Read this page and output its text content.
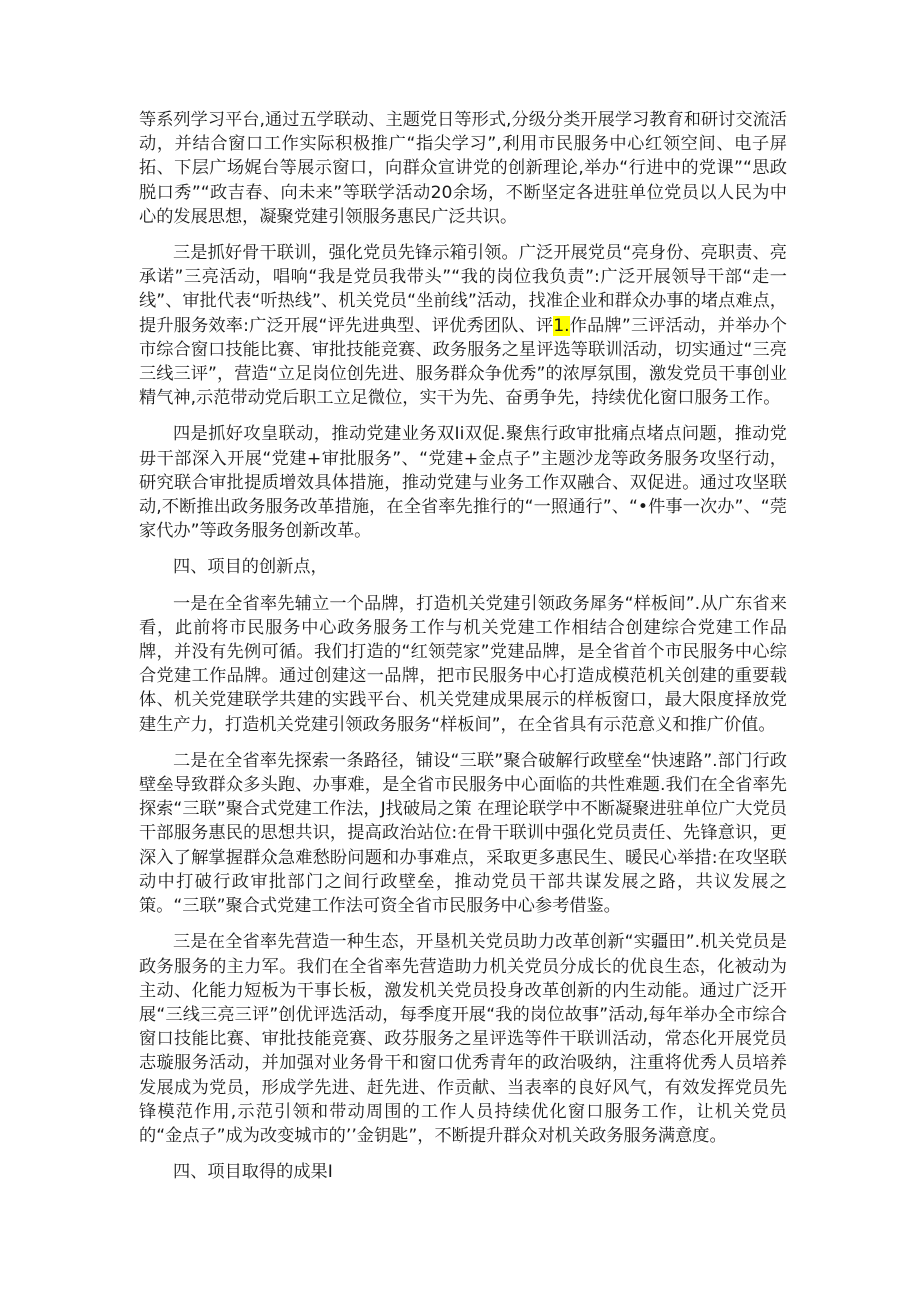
等系列学习平台,通过五学联动、主题党日等形式,分级分类开展学习教育和研讨交流活动，并结合窗口工作实际积极推广“指尖学习”,利用市民服务中心红领空间、电子屏拓、下层广场娓台等展示窗口，向群众宣讲党的创新理论,举办“行进中的党课”“思政脱口秀”“政吉春、向未来”等联学活动20余场，不断坚定各进驻单位党员以人民为中心的发展思想，凝聚党建引领服务惠民广泛共识。

三是抓好骨干联训，强化党员先锋示箱引领。广泛开展党员“亮身份、亮职责、亮承诺”三亮活动，唱响“我是党员我带头”“我的岗位我负责”:广泛开展领导干部“走一线”、审批代表“听热线”、机关党员“坐前线”活动，找准企业和群众办事的堵点难点，提升服务效率:广泛开展“评先进典型、评优秀团队、评1.作品牌”三评活动，并举办个市综合窗口技能比赛、审批技能竞赛、政务服务之星评选等联训活动，切实通过“三亮三线三评”，营造“立足岗位创先进、服务群众争优秀”的浓厚氛围，激发党员干事创业精气神,示范带动党后职工立足微位，实干为先、奋勇争先，持续优化窗口服务工作。

四是抓好攻皇联动，推动党建业务双Ii双促.聚焦行政审批痛点堵点问题，推动党毋干部深入开展“党建+审批服务”、“党建+金点子”主题沙龙等政务服务攻坚行动，研究联合审批提质增效具体措施，推动党建与业务工作双融合、双促进。通过攻坚联动,不断推出政务服务改革措施，在全省率先推行的“一照通行”、“•件事一次办”、“莞家代办”等政务服务创新改革。

四、项目的创新点，

一是在全省率先辅立一个品牌，打造机关党建引领政务犀务“样板间”.从广东省来看，此前将市民服务中心政务服务工作与机关党建工作相结合创建综合党建工作品牌，并没有先例可循。我们打造的“红领莞家”党建品牌，是全省首个市民服务中心综合党建工作品牌。通过创建这一品牌，把市民服务中心打造成模范机关创建的重要载体、机关党建联学共建的实践平台、机关党建成果展示的样板窗口，最大限度择放党建生产力，打造机关党建引领政务服务“样板间”，在全省具有示范意义和推广价值。

二是在全省率先探索一条路径，铺设“三联”聚合破解行政壁垒“快速路”.部门行政壁垒导致群众多头跑、办事难，是全省市民服务中心面临的共性难题.我们在全省率先探索“三联”聚合式党建工作法，J找破局之策 在理论联学中不断凝聚进驻单位广大党员干部服务惠民的思想共识，提高政治站位:在骨干联训中强化党员责任、先锋意识，更深入了解掌握群众急难愁盼问题和办事难点，采取更多惠民生、暖民心举措:在攻坚联动中打破行政审批部门之间行政壁垒，推动党员干部共谋发展之路，共议发展之策。“三联”聚合式党建工作法可资全省市民服务中心参考借鉴。

三是在全省率先营造一种生态，开垦机关党员助力改革创新“实疆田”.机关党员是政务服务的主力军。我们在全省率先营造助力机关党员分成长的优良生态，化被动为主动、化能力短板为干事长板，激发机关党员投身改革创新的内生动能。通过广泛开展“三线三亮三评”创优评选活动，每季度开展“我的岗位故事”活动,每年举办全市综合窗口技能比赛、审批技能竞赛、政芬服务之星评选等件干联训活动，常态化开展党员志璇服务活动，并加强对业务骨干和窗口优秀青年的政治吸纳，注重将优秀人员培养发展成为党员，形成学先进、赶先进、作贡献、当表率的良好风气，有效发挥党员先锋模范作用,示范引领和带动周围的工作人员持续优化窗口服务工作，让机关党员的“金点子”成为改变城市的’’金钥匙”，不断提升群众对机关政务服务满意度。

四、项目取得的成果I
